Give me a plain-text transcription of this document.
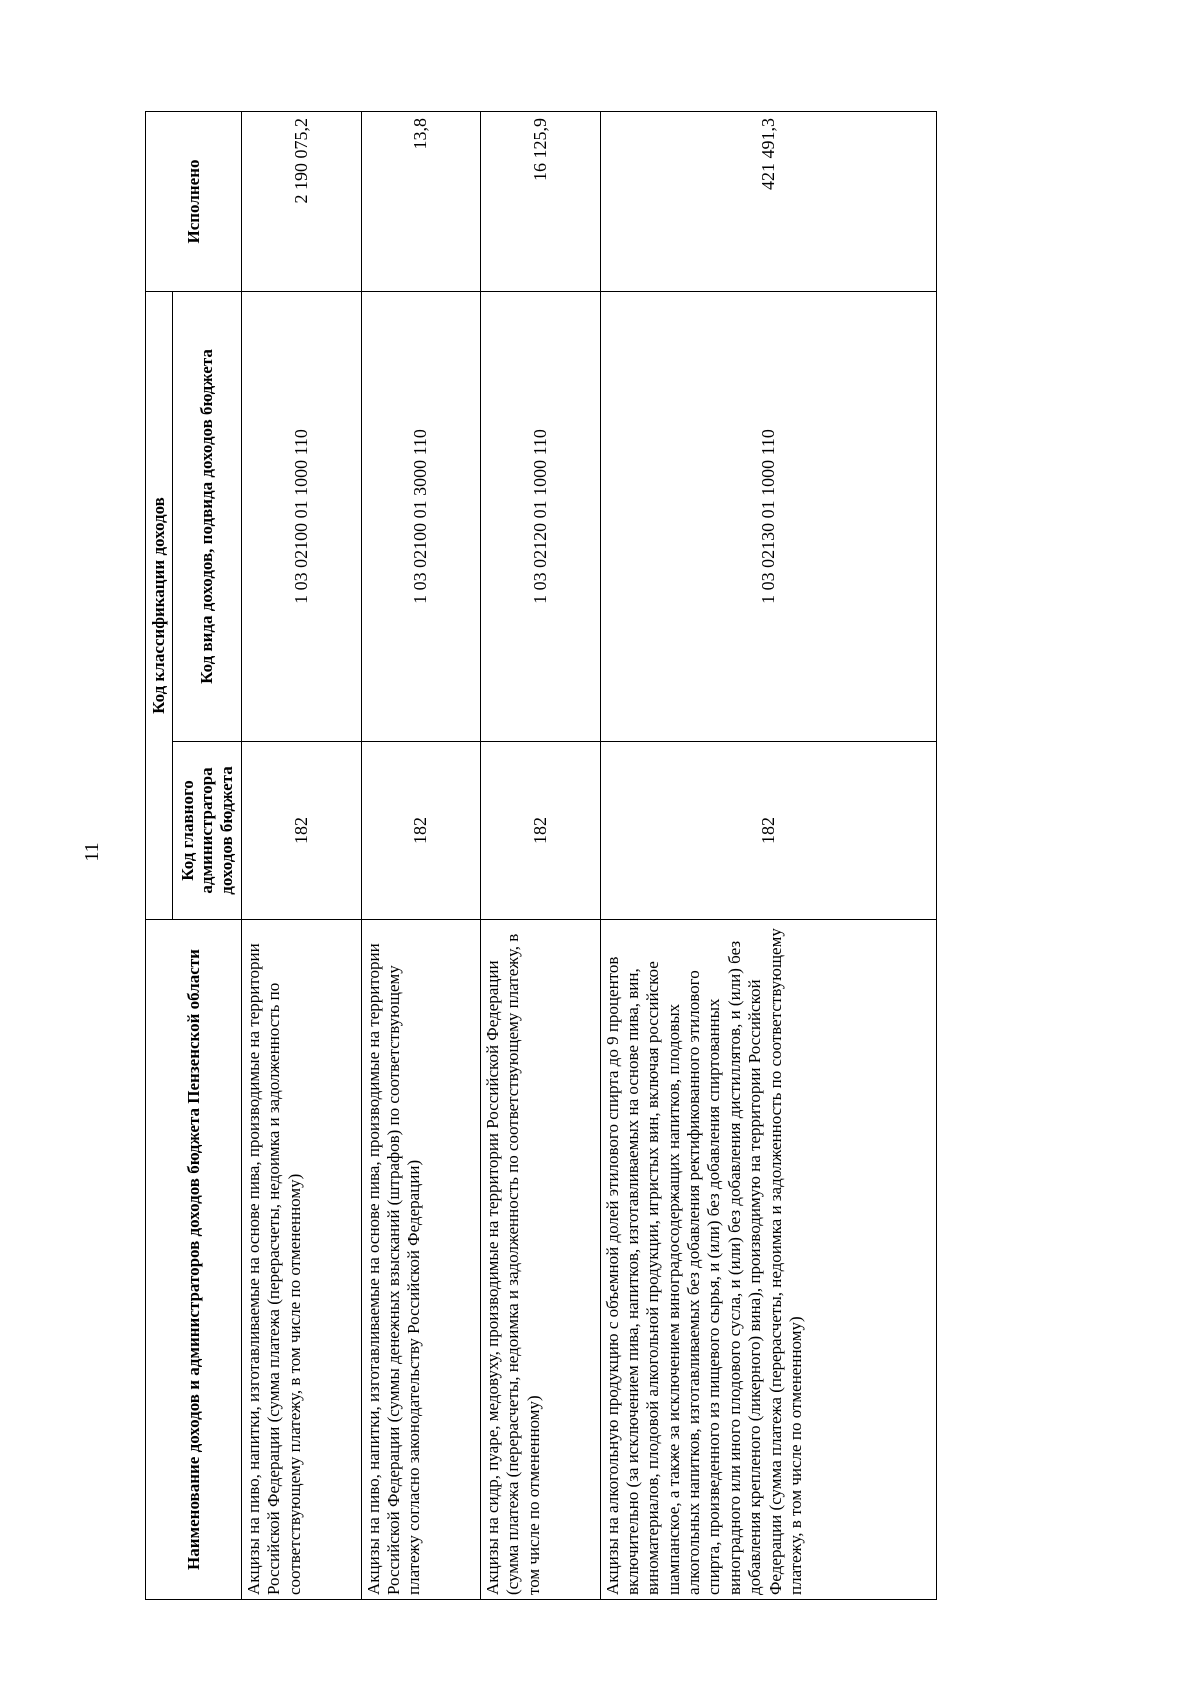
11
Наименование доходов и администраторов доходов бюджета Пензенской области	Код классификации доходов		Исполнено
	Код главного администратора доходов бюджета	Код вида доходов, подвида доходов бюджета	
Акцизы на пиво, напитки, изготавливаемые на основе пива, производимые на территории Российской Федерации (сумма платежа (перерасчеты, недоимка и задолженность по соответствующему платежу, в том числе по отмененному)	182	1 03 02100 01 1000 110	2 190 075,2
Акцизы на пиво, напитки, изготавливаемые на основе пива, производимые на территории Российской Федерации (суммы денежных взысканий (штрафов) по соответствующему платежу согласно законодательству Российской Федерации)	182	1 03 02100 01 3000 110	13,8
Акцизы на сидр, пуаре, медовуху, производимые на территории Российской Федерации (сумма платежа (перерасчеты, недоимка и задолженность по соответствующему платежу, в том числе по отмененному)	182	1 03 02120 01 1000 110	16 125,9
Акцизы на алкогольную продукцию с объемной долей этилового спирта до 9 процентов включительно (за исключением пива, напитков, изготавливаемых на основе пива, вин, виноматериалов, плодовой алкогольной продукции, игристых вин, включая российское шампанское, а также за исключением виноградосодержащих напитков, плодовых алкогольных напитков, изготавливаемых без добавления ректификованного этилового спирта, произведенного из пищевого сырья, и (или) без добавления спиртованных виноградного или иного плодового сусла, и (или) без добавления дистиллятов, и (или) без добавления крепленого (ликерного) вина), производимую на территории Российской Федерации (сумма платежа (перерасчеты, недоимка и задолженность по соответствующему платежу, в том числе по отмененному)	182	1 03 02130 01 1000 110	421 491,3
